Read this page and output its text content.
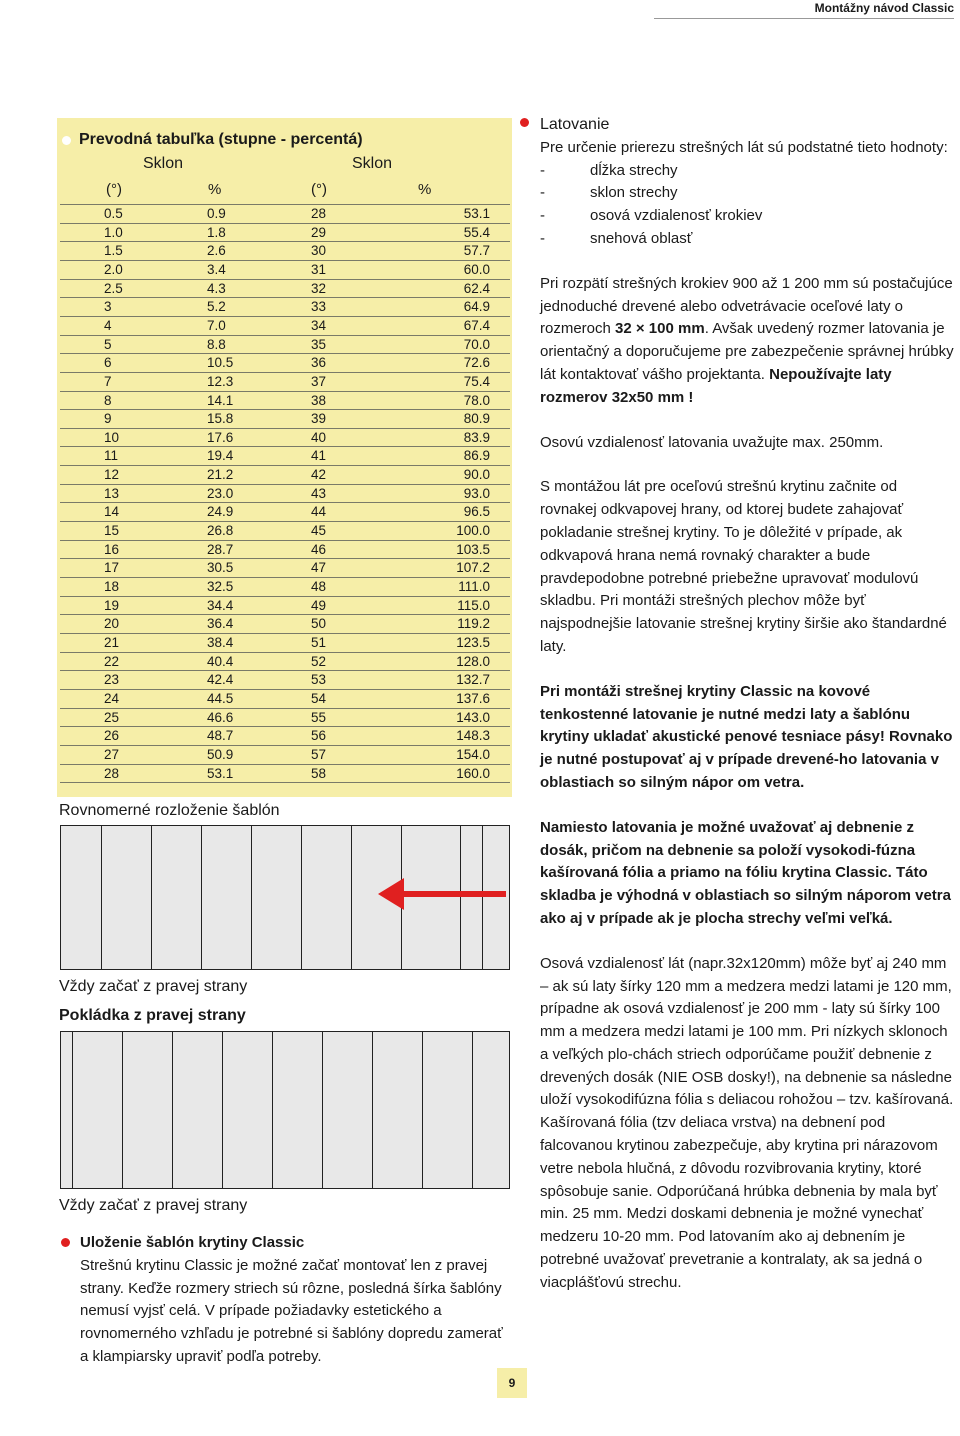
Montážny návod Classic
Prevodná tabuľka (stupne - percentá)
Sklon	Sklon
(°)	%	(°)	%
0.5	0.9	28	53.1
1.0	1.8	29	55.4
1.5	2.6	30	57.7
2.0	3.4	31	60.0
2.5	4.3	32	62.4
3	5.2	33	64.9
4	7.0	34	67.4
5	8.8	35	70.0
6	10.5	36	72.6
7	12.3	37	75.4
8	14.1	38	78.0
9	15.8	39	80.9
10	17.6	40	83.9
11	19.4	41	86.9
12	21.2	42	90.0
13	23.0	43	93.0
14	24.9	44	96.5
15	26.8	45	100.0
16	28.7	46	103.5
17	30.5	47	107.2
18	32.5	48	111.0
19	34.4	49	115.0
20	36.4	50	119.2
21	38.4	51	123.5
22	40.4	52	128.0
23	42.4	53	132.7
24	44.5	54	137.6
25	46.6	55	143.0
26	48.7	56	148.3
27	50.9	57	154.0
28	53.1	58	160.0
Rovnomerné rozloženie šablón
Vždy začať z pravej strany
Pokládka z pravej strany
Vždy začať z pravej strany
Uloženie šablón krytiny Classic
Strešnú krytinu Classic je možné začať montovať len z pravej strany. Keďže rozmery striech sú rôzne, posledná šírka šablóny nemusí vyjsť celá. V prípade požiadavky estetického a rovnomerného vzhľadu je potrebné si šablóny dopredu zamerať a klampiarsky upraviť podľa potreby.

Latovanie

Pre určenie prierezu strešných lát sú podstatné tieto hodnoty:

-	dĺžka strechy
-	sklon strechy
-	osová vzdialenosť krokiev
-	snehová oblasť

Pri rozpätí strešných krokiev 900 až 1 200 mm sú postačujúce jednoduché drevené alebo odvetrávacie oceľové laty o rozmeroch 32 × 100 mm. Avšak uvedený rozmer latovania je orientačný a doporučujeme pre zabezpečenie správnej hrúbky lát kontaktovať vášho projektanta. Nepoužívajte laty rozmerov 32x50 mm !

Osovú vzdialenosť latovania uvažujte max. 250mm.

S montážou lát pre oceľovú strešnú krytinu začnite od rovnakej odkvapovej hrany, od ktorej budete zahajovať pokladanie strešnej krytiny. To je dôležité v prípade, ak odkvapová hrana nemá rovnaký charakter a bude pravdepodobne potrebné priebežne upravovať modulovú skladbu. Pri montáži strešných plechov môže byť najspodnejšie latovanie strešnej krytiny širšie ako štandardné laty.

Pri montáži strešnej krytiny Classic na kovové tenkostenné latovanie je nutné medzi laty a šablónu krytiny ukladať akustické penové tesniace pásy! Rovnako je nutné postupovať aj v prípade drevené-ho latovania v oblastiach so silným nápor om vetra.

Namiesto latovania je možné uvažovať aj debnenie z dosák, pričom na debnenie sa položí vysokodi-fúzna kašírovaná fólia a priamo na fóliu krytina Classic. Táto skladba je výhodná v oblastiach so silným náporom vetra ako aj v prípade ak je plocha strechy veľmi veľká.

Osová vzdialenosť lát (napr.32x120mm) môže byť aj 240 mm – ak sú laty šírky 120 mm a medzera medzi latami je 120 mm, prípadne ak osová vzdialenosť je 200 mm - laty sú šírky 100 mm a medzera medzi latami je 100 mm. Pri nízkych sklonoch a veľkých plo-chách striech odporúčame použiť debnenie z drevených dosák (NIE OSB dosky!), na debnenie sa následne uloží vysokodifúzna fólia s deliacou rohožou – tzv. kašírovaná. Kašírovaná fólia (tzv deliaca vrstva) na debnení pod falcovanou krytinou zabezpečuje, aby krytina pri nárazovom vetre nebola hlučná, z dôvodu rozvibrovania krytiny, ktoré spôsobuje sanie. Odporúčaná hrúbka debnenia by mala byť min. 25 mm. Medzi doskami debnenia je možné vynechať medzeru 10-20 mm. Pod latovaním ako aj debnením je potrebné uvažovať prevetranie a kontralaty, ak sa jedná o viacplášťovú strechu.

9
